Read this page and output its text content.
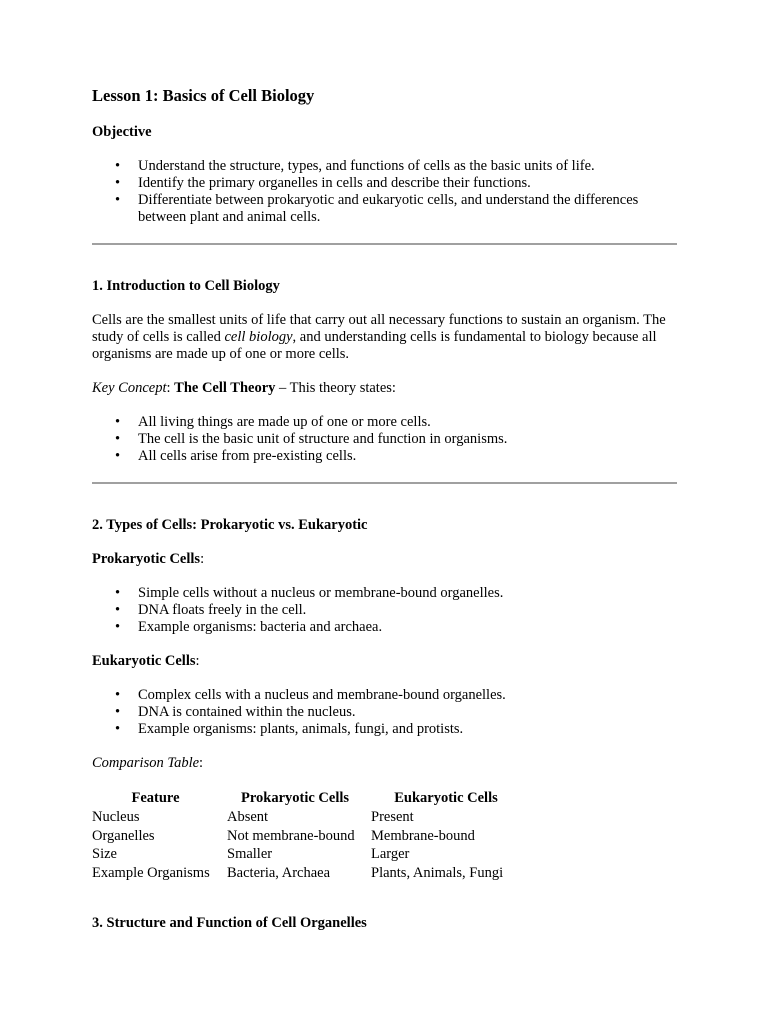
Lesson 1: Basics of Cell Biology
Objective
• Understand the structure, types, and functions of cells as the basic units of life.
• Identify the primary organelles in cells and describe their functions.
• Differentiate between prokaryotic and eukaryotic cells, and understand the differences between plant and animal cells.
1. Introduction to Cell Biology

Cells are the smallest units of life that carry out all necessary functions to sustain an organism. The study of cells is called cell biology, and understanding cells is fundamental to biology because all organisms are made up of one or more cells.

Key Concept: The Cell Theory – This theory states:

• All living things are made up of one or more cells.
• The cell is the basic unit of structure and function in organisms.
• All cells arise from pre-existing cells.
2. Types of Cells: Prokaryotic vs. Eukaryotic

Prokaryotic Cells:

• Simple cells without a nucleus or membrane-bound organelles.
• DNA floats freely in the cell.
• Example organisms: bacteria and archaea.

Eukaryotic Cells:

• Complex cells with a nucleus and membrane-bound organelles.
• DNA is contained within the nucleus.
• Example organisms: plants, animals, fungi, and protists.

Comparison Table:

Feature	Prokaryotic Cells	Eukaryotic Cells
Nucleus	Absent	Present
Organelles	Not membrane-bound	Membrane-bound
Size	Smaller	Larger
Example Organisms	Bacteria, Archaea	Plants, Animals, Fungi
3. Structure and Function of Cell Organelles
